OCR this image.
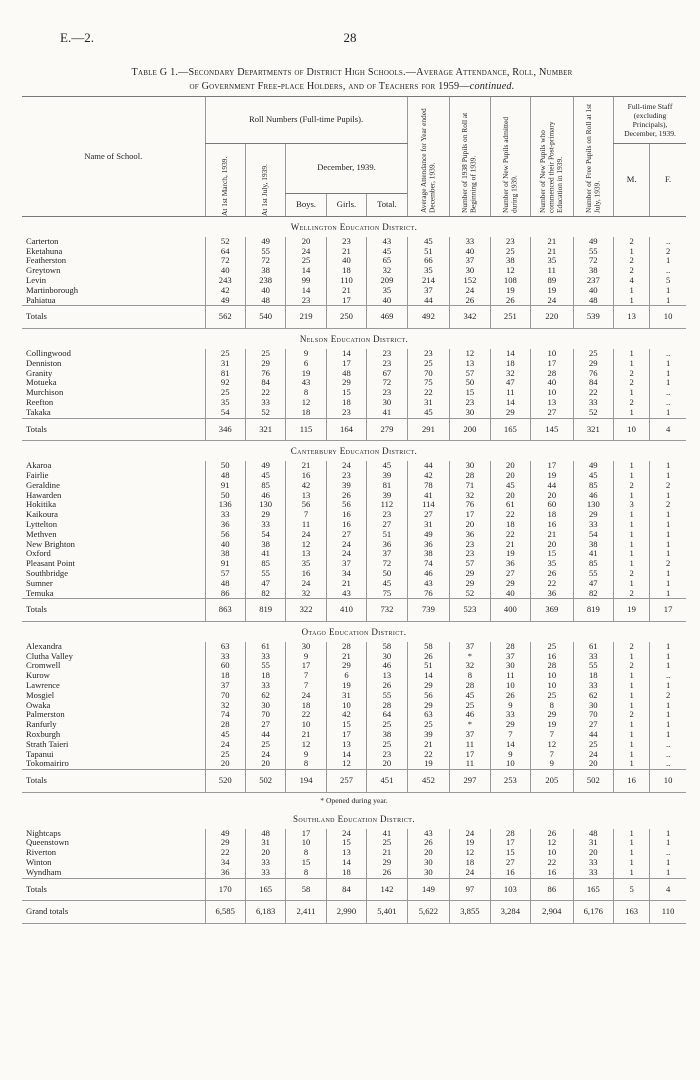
E.—2.	28
Table G 1.—Secondary Departments of District High Schools.—Average Attendance, Roll, Number
of Government Free-place Holders, and of Teachers for 1959—continued.
Name of School.	Roll Numbers (Full-time Pupils).					Average Attendance for Year ended December, 1939.	Number of 1938 Pupils on Roll at Beginning of 1939.	Number of New Pupils admitted during 1939.	Number of New Pupils who commenced their Post-primary Education in 1939.	Number of Free Pupils on Roll at 1st July, 1939.	Full-time Staff (excluding Principals), December, 1939.	

	At 1st March, 1939.	At 1st July, 1939.	December, 1939.								M.	F.
			Boys.	Girls.	Total.							
Wellington Education District.												
Carterton	52	49	20	23	43	45	33	23	21	49	2	..
Eketahuna	64	55	24	21	45	51	40	25	21	55	1	2
Featherston	72	72	25	40	65	66	37	38	35	72	2	1
Greytown	40	38	14	18	32	35	30	12	11	38	2	..
Levin	243	238	99	110	209	214	152	108	89	237	4	5
Martinborough	42	40	14	21	35	37	24	19	19	40	1	1
Pahiatua	49	48	23	17	40	44	26	26	24	48	1	1
Totals	562	540	219	250	469	492	342	251	220	539	13	10
Nelson Education District.												
Collingwood	25	25	9	14	23	23	12	14	10	25	1	..
Denniston	31	29	6	17	23	25	13	18	17	29	1	1
Granity	81	76	19	48	67	70	57	32	28	76	2	1
Motueka	92	84	43	29	72	75	50	47	40	84	2	1
Murchison	25	22	8	15	23	22	15	11	10	22	1	..
Reefton	35	33	12	18	30	31	23	14	13	33	2	..
Takaka	54	52	18	23	41	45	30	29	27	52	1	1
Totals	346	321	115	164	279	291	200	165	145	321	10	4
Canterbury Education District.												
Akaroa	50	49	21	24	45	44	30	20	17	49	1	1
Fairlie	48	45	16	23	39	42	28	20	19	45	1	1
Geraldine	91	85	42	39	81	78	71	45	44	85	2	2
Hawarden	50	46	13	26	39	41	32	20	20	46	1	1
Hokitika	136	130	56	56	112	114	76	61	60	130	3	2
Kaikoura	33	29	7	16	23	27	17	22	18	29	1	1
Lyttelton	36	33	11	16	27	31	20	18	16	33	1	1
Methven	56	54	24	27	51	49	36	22	21	54	1	1
New Brighton	40	38	12	24	36	36	23	21	20	38	1	1
Oxford	38	41	13	24	37	38	23	19	15	41	1	1
Pleasant Point	91	85	35	37	72	74	57	36	35	85	1	2
Southbridge	57	55	16	34	50	46	29	27	26	55	2	1
Sumner	48	47	24	21	45	43	29	29	22	47	1	1
Temuka	86	82	32	43	75	76	52	40	36	82	2	1
Totals	863	819	322	410	732	739	523	400	369	819	19	17
Otago Education District.												
Alexandra	63	61	30	28	58	58	37	28	25	61	2	1
Clutha Valley	33	33	9	21	30	26	*	37	16	33	1	1
Cromwell	60	55	17	29	46	51	32	30	28	55	2	1
Kurow	18	18	7	6	13	14	8	11	10	18	1	..
Lawrence	37	33	7	19	26	29	28	10	10	33	1	1
Mosgiel	70	62	24	31	55	56	45	26	25	62	1	2
Owaka	32	30	18	10	28	29	25	9	8	30	1	1
Palmerston	74	70	22	42	64	63	46	33	29	70	2	1
Ranfurly	28	27	10	15	25	25	*	29	19	27	1	1
Roxburgh	45	44	21	17	38	39	37	7	7	44	1	1
Strath Taieri	24	25	12	13	25	21	11	14	12	25	1	..
Tapanui	25	24	9	14	23	22	17	9	7	24	1	..
Tokomairiro	20	20	8	12	20	19	11	10	9	20	1	..
Totals	520	502	194	257	451	452	297	253	205	502	16	10
* Opened during year.												
Southland Education District.												
Nightcaps	49	48	17	24	41	43	24	28	26	48	1	1
Queenstown	29	31	10	15	25	26	19	17	12	31	1	1
Riverton	22	20	8	13	21	20	12	15	10	20	1	..
Winton	34	33	15	14	29	30	18	27	22	33	1	1
Wyndham	36	33	8	18	26	30	24	16	16	33	1	1
Totals	170	165	58	84	142	149	97	103	86	165	5	4
Grand totals	6,585	6,183	2,411	2,990	5,401	5,622	3,855	3,284	2,904	6,176	163	110
